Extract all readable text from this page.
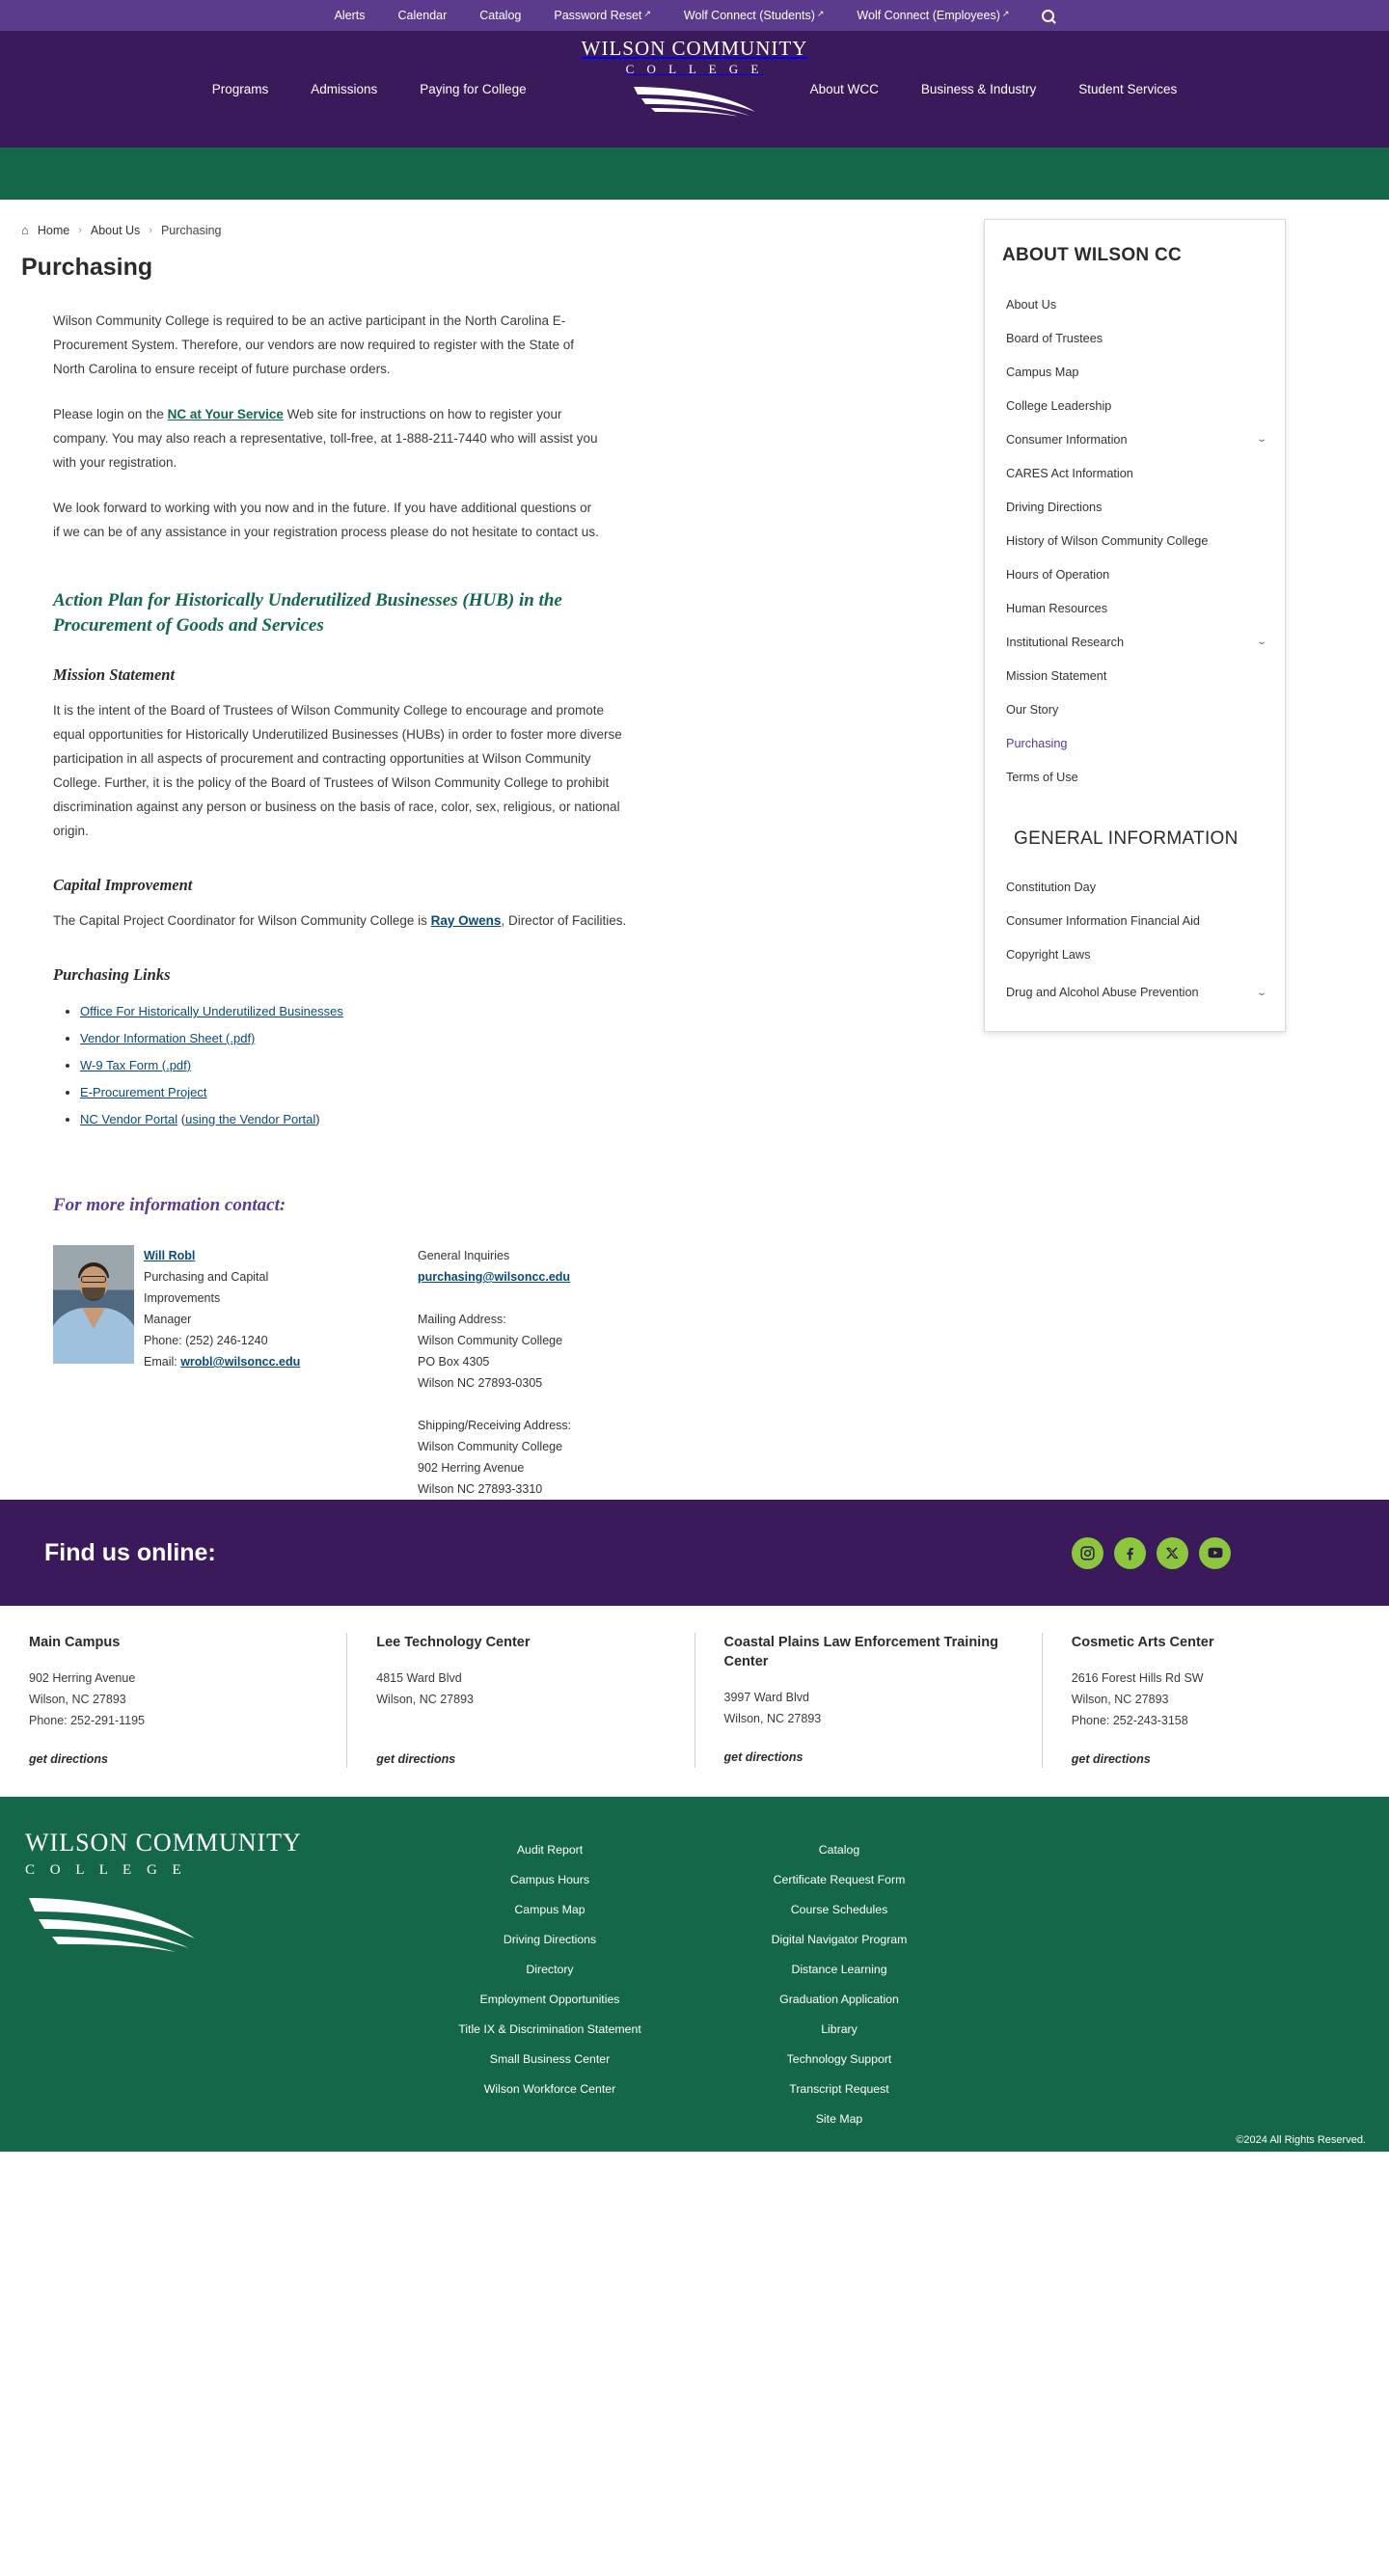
Alerts	Calendar	Catalog	Password Reset ↗	Wolf Connect (Students) ↗	Wolf Connect (Employees) ↗
Programs	Admissions	Paying for College	About WCC	Business & Industry	Student Services
WILSON COMMUNITY
C O L L E G E
⌂ Home › About Us › Purchasing
Purchasing

Wilson Community College is required to be an active participant in the North Carolina E-Procurement System. Therefore, our vendors are now required to register with the State of North Carolina to ensure receipt of future purchase orders.

Please login on the NC at Your Service Web site for instructions on how to register your company. You may also reach a representative, toll-free, at 1-888-211-7440 who will assist you with your registration.

We look forward to working with you now and in the future. If you have additional questions or if we can be of any assistance in your registration process please do not hesitate to contact us.

Action Plan for Historically Underutilized Businesses (HUB) in the Procurement of Goods and Services
Mission Statement

It is the intent of the Board of Trustees of Wilson Community College to encourage and promote equal opportunities for Historically Underutilized Businesses (HUBs) in order to foster more diverse participation in all aspects of procurement and contracting opportunities at Wilson Community College. Further, it is the policy of the Board of Trustees of Wilson Community College to prohibit discrimination against any person or business on the basis of race, color, sex, religious, or national origin.

Capital Improvement

The Capital Project Coordinator for Wilson Community College is Ray Owens, Director of Facilities.

Purchasing Links
• Office For Historically Underutilized Businesses
• Vendor Information Sheet (.pdf)
• W-9 Tax Form (.pdf)
• E-Procurement Project
• NC Vendor Portal (using the Vendor Portal)
For more information contact:
Will Robl
Purchasing and Capital Improvements
Manager
Phone: (252) 246-1240
Email: wrobl@wilsoncc.edu
General Inquiries
purchasing@wilsoncc.edu
Mailing Address:
Wilson Community College
PO Box 4305
Wilson NC 27893-0305
Shipping/Receiving Address:
Wilson Community College
902 Herring Avenue
Wilson NC 27893-3310
ABOUT WILSON CC
About Us
Board of Trustees
Campus Map
College Leadership
Consumer Information	⌄
CARES Act Information
Driving Directions
History of Wilson Community College
Hours of Operation
Human Resources
Institutional Research	⌄
Mission Statement
Our Story
Purchasing
Terms of Use
GENERAL INFORMATION
Constitution Day
Consumer Information Financial Aid
Copyright Laws
Drug and Alcohol Abuse Prevention	⌄
Find us online:
Main Campus

902 Herring Avenue

Wilson, NC 27893

Phone: 252-291-1195

get directions
Lee Technology Center

4815 Ward Blvd

Wilson, NC 27893

get directions
Coastal Plains Law Enforcement Training Center

3997 Ward Blvd

Wilson, NC 27893

get directions
Cosmetic Arts Center

2616 Forest Hills Rd SW

Wilson, NC 27893

Phone: 252-243-3158

get directions
WILSON COMMUNITY
C O L L E G E
Audit Report
Campus Hours
Campus Map
Driving Directions
Directory
Employment Opportunities
Title IX & Discrimination Statement
Small Business Center
Wilson Workforce Center
Catalog
Certificate Request Form
Course Schedules
Digital Navigator Program
Distance Learning
Graduation Application
Library
Technology Support
Transcript Request
Site Map
©2024 All Rights Reserved.
